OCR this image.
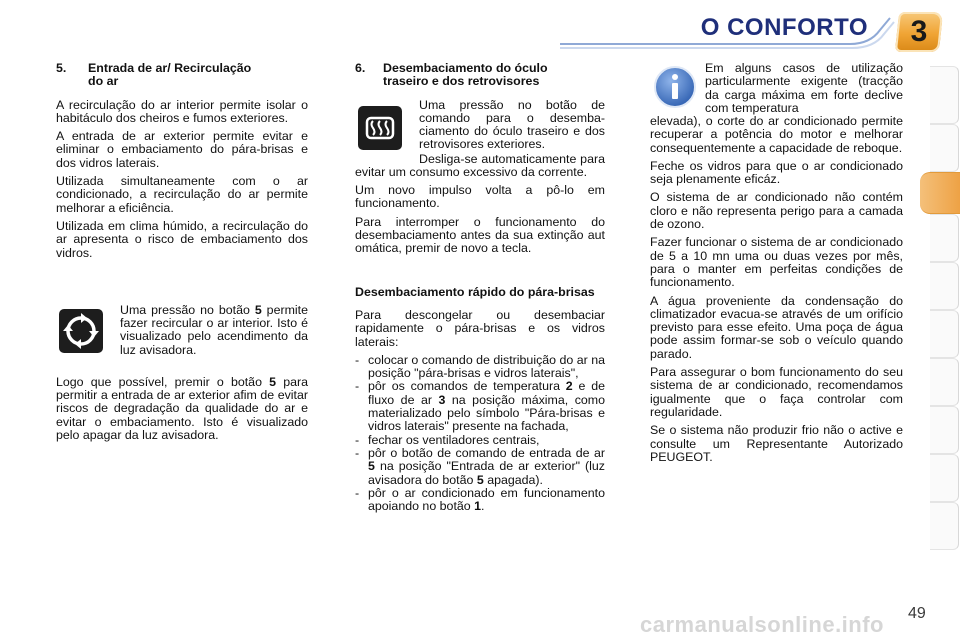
O CONFORTO	3
5. Entrada de ar/ Recirculação do ar

A recirculação do ar interior permite isolar o habitáculo dos cheiros e fumos exteriores.

A entrada de ar exterior permite evitar e eliminar o embaciamento do pára-brisas e dos vidros laterais.

Utilizada simultaneamente com o ar condicionado, a recirculação do ar permite melhorar a eficiência.

Utilizada em clima húmido, a recirculação do ar apresenta o risco de embaciamento dos vidros.

Uma pressão no botão 5 permite fazer recircular o ar interior. Isto é visualizado pelo acendimento da luz avisadora.

Logo que possível, premir o botão 5 para permitir a entrada de ar exterior afim de evitar riscos de degradação da qualidade do ar e evitar o embaciamento. Isto é visualizado pelo apagar da luz avisadora.

6. Desembaciamento do óculo traseiro e dos retrovisores

Uma pressão no botão de comando para o desembaciamento do óculo traseiro e dos retrovisores exteriores.

Desliga-se automaticamente para evitar um consumo excessivo da corrente.

Um novo impulso volta a pô-lo em funcionamento.

Para interromper o funcionamento do desembaciamento antes da sua extinção aut omática, premir de novo a tecla.

Desembaciamento rápido do pára-brisas

Para descongelar ou desembaciar rapidamente o pára-brisas e os vidros laterais:

- colocar o comando de distribuição do ar na posição "pára-brisas e vidros laterais",
- pôr os comandos de temperatura 2 e de fluxo de ar 3 na posição máxima, como materializado pelo símbolo "Pára-brisas e vidros laterais" presente na fachada,
- fechar os ventiladores centrais,
- pôr o botão de comando de entrada de ar 5 na posição "Entrada de ar exterior" (luz avisadora do botão 5 apagada).
- pôr o ar condicionado em funcionamento apoiando no botão 1.

Em alguns casos de utilização particularmente exigente (tracção da carga máxima em forte declive com temperatura

elevada), o corte do ar condicionado permite recuperar a potência do motor e melhorar consequentemente a capacidade de reboque.

Feche os vidros para que o ar condicionado seja plenamente eficáz.

O sistema de ar condicionado não contém cloro e não representa perigo para a camada de ozono.

Fazer funcionar o sistema de ar condicionado de 5 a 10 mn uma ou duas vezes por mês, para o manter em perfeitas condições de funcionamento.

A água proveniente da condensação do climatizador evacua-se através de um orifício previsto para esse efeito. Uma poça de água pode assim formar-se sob o veículo quando parado.

Para assegurar o bom funcionamento do seu sistema de ar condicionado, recomendamos igualmente que o faça controlar com regularidade.

Se o sistema não produzir frio não o active e consulte um Representante Autorizado PEUGEOT.

carmanualsonline.info 49
